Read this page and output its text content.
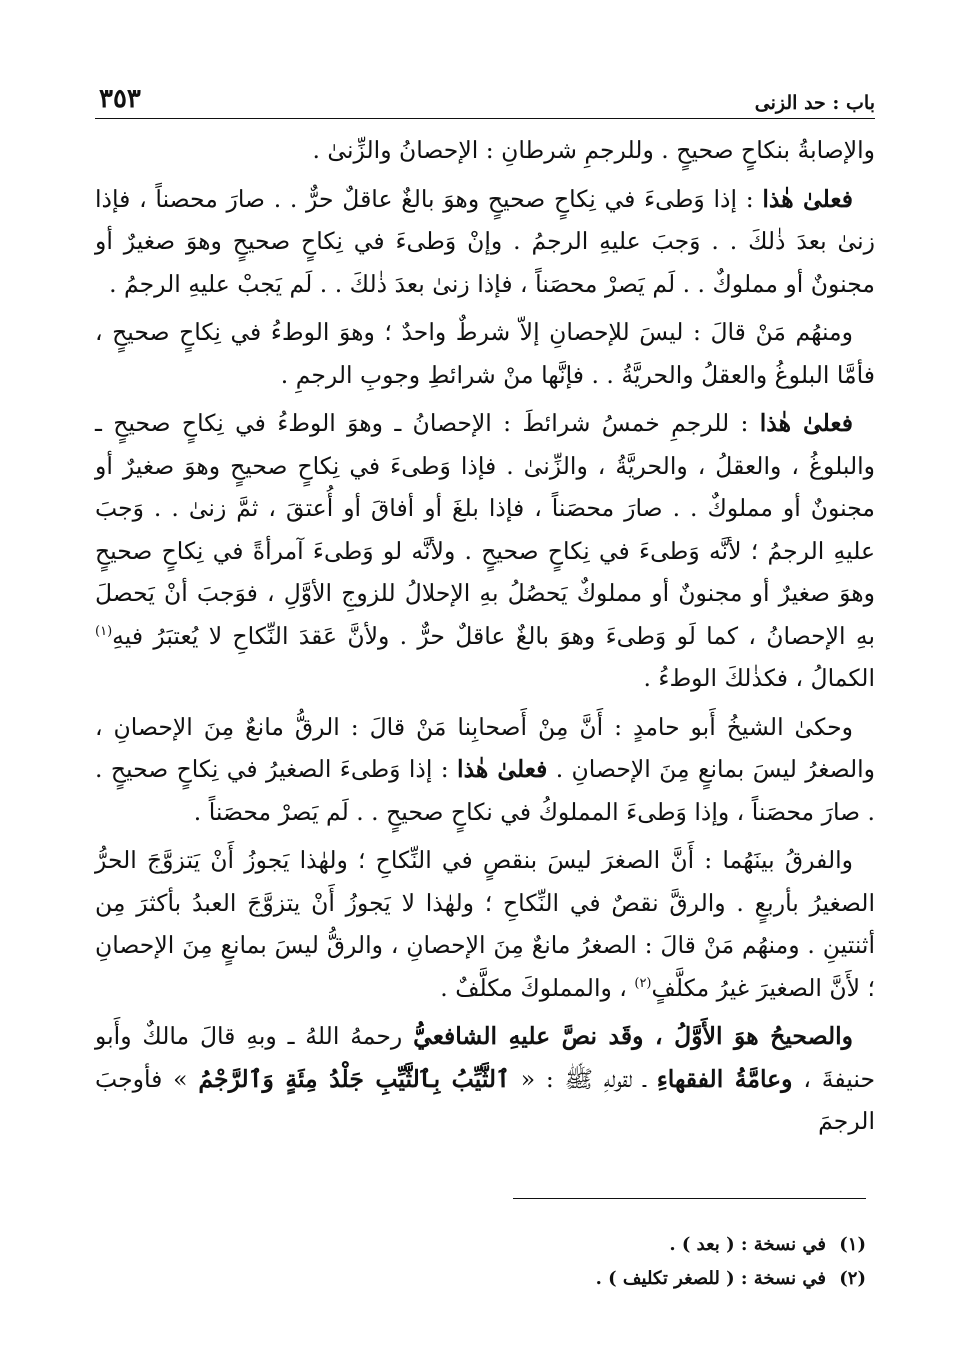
باب : حد الزنى
٣٥٣

والإصابةُ بنكاحٍ صحيحٍ . وللرجمِ شرطانِ : الإحصانُ والزِّنىٰ .

فعلىٰ هٰذا : إذا وَطىءَ في نِكاحٍ صحيحٍ وهوَ بالغٌ عاقلٌ حرٌّ . . صارَ محصناً ، فإذا زنىٰ بعدَ ذٰلكَ . . وَجبَ عليهِ الرجمُ . وإنْ وَطىءَ في نِكاحٍ صحيحٍ وهوَ صغيرٌ أو مجنونٌ أو مملوكٌ . . لَم يَصرْ محصَناً ، فإذا زنىٰ بعدَ ذٰلكَ . . لَم يَجبْ عليهِ الرجمُ .

ومنهُم مَنْ قالَ : ليسَ للإحصانِ إلاّ شرطٌ واحدٌ ؛ وهوَ الوطءُ في نِكاحٍ صحيحٍ ، فأمَّا البلوغُ والعقلُ والحريَّةُ . . فإنَّها منْ شرائطِ وجوبِ الرجمِ .

فعلىٰ هٰذا : للرجمِ خمسُ شرائطَ : الإحصانُ ـ وهوَ الوطءُ في نِكاحٍ صحيحٍ ـ والبلوغُ ، والعقلُ ، والحريَّةُ ، والزِّنىٰ . فإذا وَطىءَ في نِكاحٍ صحيحٍ وهوَ صغيرٌ أو مجنونٌ أو مملوكٌ . . صارَ محصَناً ، فإذا بلغَ أو أفاقَ أو أُعتقَ ، ثمَّ زنىٰ . . وَجبَ عليهِ الرجمُ ؛ لأنَّه وَطىءَ في نِكاحٍ صحيحٍ . ولأنَّه لو وَطىءَ آمرأةً في نِكاحٍ صحيحٍ وهوَ صغيرٌ أو مجنونٌ أو مملوكٌ يَحصُلُ بهِ الإحلالُ للزوجِ الأوَّلِ ، فوَجبَ أنْ يَحصلَ بهِ الإحصانُ ، كما لَو وَطىءَ وهوَ بالغٌ عاقلٌ حرٌّ . ولأنَّ عَقدَ النِّكاحِ لا يُعتبَرُ فيهِ$^{(١)}$ الكمالُ ، فكذٰلكَ الوطءُ .

وحكىٰ الشيخُ أَبو حامدٍ : أَنَّ مِنْ أَصحابِنا مَنْ قالَ : الرقُّ مانعٌ مِنَ الإحصانِ ، والصغرُ ليسَ بمانعٍ مِنَ الإحصانِ . فعلىٰ هٰذا : إذا وَطىءَ الصغيرُ في نِكاحٍ صحيحٍ . . صارَ محصَناً ، وإذا وَطىءَ المملوكُ في نكاحٍ صحيحٍ . . لَم يَصرْ محصَناً .

والفرقُ بينَهُما : أَنَّ الصغرَ ليسَ بنقصٍ في النِّكاحِ ؛ ولهٰذا يَجوزُ أَنْ يَتزوَّجَ الحرُّ الصغيرُ بأربعٍ . والرقَّ نقصٌ في النِّكاحِ ؛ ولهٰذا لا يَجوزُ أَنْ يتزوَّجَ العبدُ بأكثرَ مِن أثنتينِ . ومنهُم مَنْ قالَ : الصغرُ مانعٌ مِنَ الإحصانِ ، والرقُّ ليسَ بمانعٍ مِنَ الإحصانِ ؛ لأَنَّ الصغيرَ غيرُ مكلَّفٍ$^{(٢)}$ ، والمملوكَ مكلَّفٌ .

والصحيحُ هوَ الأَوَّلُ ، وقَد نصَّ عليهِ الشافعيُّ رحمهُ اللهُ ـ وبهِ قالَ مالكٌ وأَبو حنيفةَ ، وعامَّةُ الفقهاءِ ـ لقولهِ ﷺ : « ٱلثَّيِّبُ بِٱلثَّيِّبِ جَلْدُ مِئَةٍ وَٱلرَّجْمُ » فأوجبَ الرجمَ

(١)في نسخة : ( بعد ) .
(٢)في نسخة : ( للصغر تكليف ) .
